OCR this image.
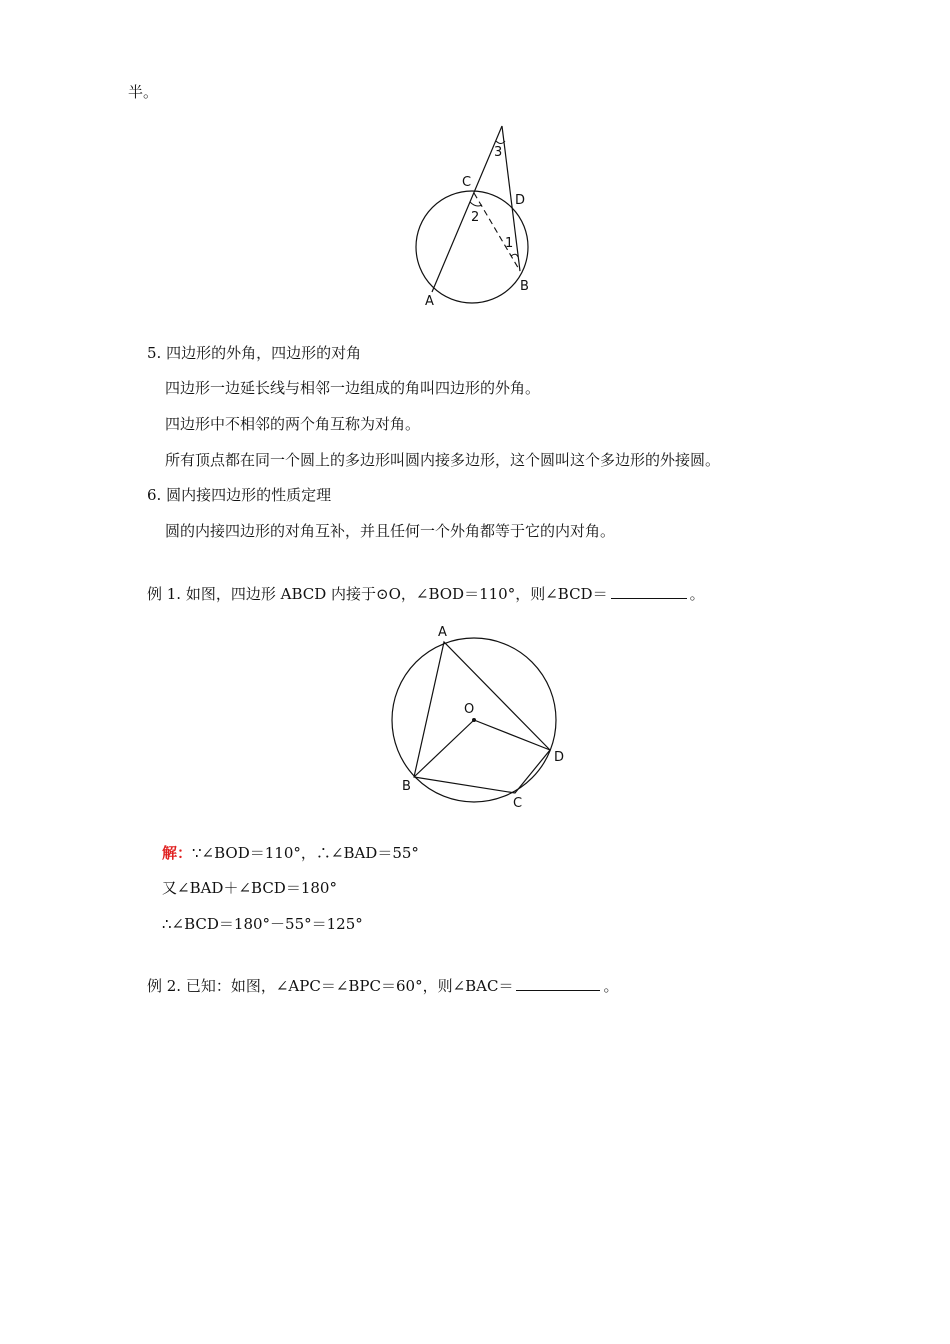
半。
C
D
A
B
3
2
1
5. 四边形的外角，四边形的对角
四边形一边延长线与相邻一边组成的角叫四边形的外角。
四边形中不相邻的两个角互称为对角。
所有顶点都在同一个圆上的多边形叫圆内接多边形，这个圆叫这个多边形的外接圆。
6. 圆内接四边形的性质定理
圆的内接四边形的对角互补，并且任何一个外角都等于它的内对角。
例 1. 如图，四边形 ABCD 内接于⊙O，∠BOD＝110°，则∠BCD＝	。
A
O
D
B
C
解：∵∠BOD＝110°，∴∠BAD＝55°
又∠BAD＋∠BCD＝180°
∴∠BCD＝180°－55°＝125°
例 2. 已知：如图，∠APC＝∠BPC＝60°，则∠BAC＝	。
